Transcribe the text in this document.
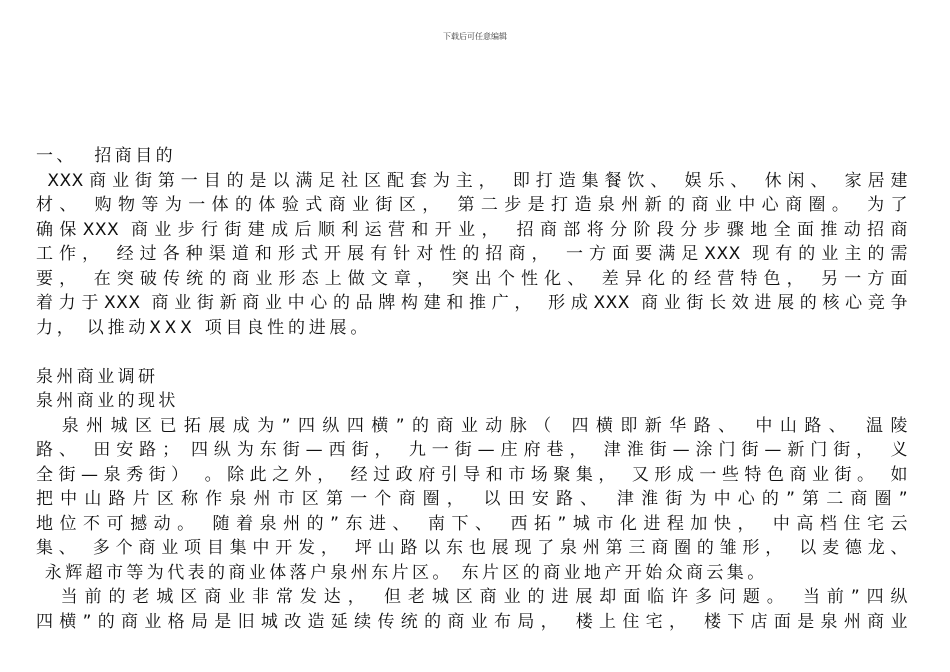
下载后可任意编辑

一、  招商目的

XXX商业街第一目的是以满足社区配套为主， 即打造集餐饮、 娱乐、 休闲、 家居建

材、 购物等为一体的体验式商业街区， 第二步是打造泉州新的商业中心商圈。 为了

确保XXX 商业步行街建成后顺利运营和开业， 招商部将分阶段分步骤地全面推动招商

工作， 经过各种渠道和形式开展有针对性的招商， 一方面要满足XXX 现有的业主的需

要， 在突破传统的商业形态上做文章， 突出个性化、 差异化的经营特色， 另一方面

着力于XXX 商业街新商业中心的品牌构建和推广， 形成XXX 商业街长效进展的核心竞争

力， 以推动XXX 项目良性的进展。

泉州商业调研

泉州商业的现状

泉州城区已拓展成为”四纵四横”的商业动脉（ 四横即新华路、 中山路、 温陵

路、 田安路； 四纵为东街—西街， 九一街—庄府巷， 津淮街—涂门街—新门街， 义

全街—泉秀街） 。除此之外， 经过政府引导和市场聚集， 又形成一些特色商业街。 如

把中山路片区称作泉州市区第一个商圈， 以田安路、 津淮街为中心的”第二商圈”

地位不可撼动。 随着泉州的”东进、 南下、 西拓”城市化进程加快， 中高档住宅云

集、 多个商业项目集中开发， 坪山路以东也展现了泉州第三商圈的雏形， 以麦德龙、

永辉超市等为代表的商业体落户泉州东片区。 东片区的商业地产开始众商云集。

当前的老城区商业非常发达， 但老城区商业的进展却面临许多问题。 当前”四纵

四横”的商业格局是旧城改造延续传统的商业布局， 楼上住宅， 楼下店面是泉州商业
